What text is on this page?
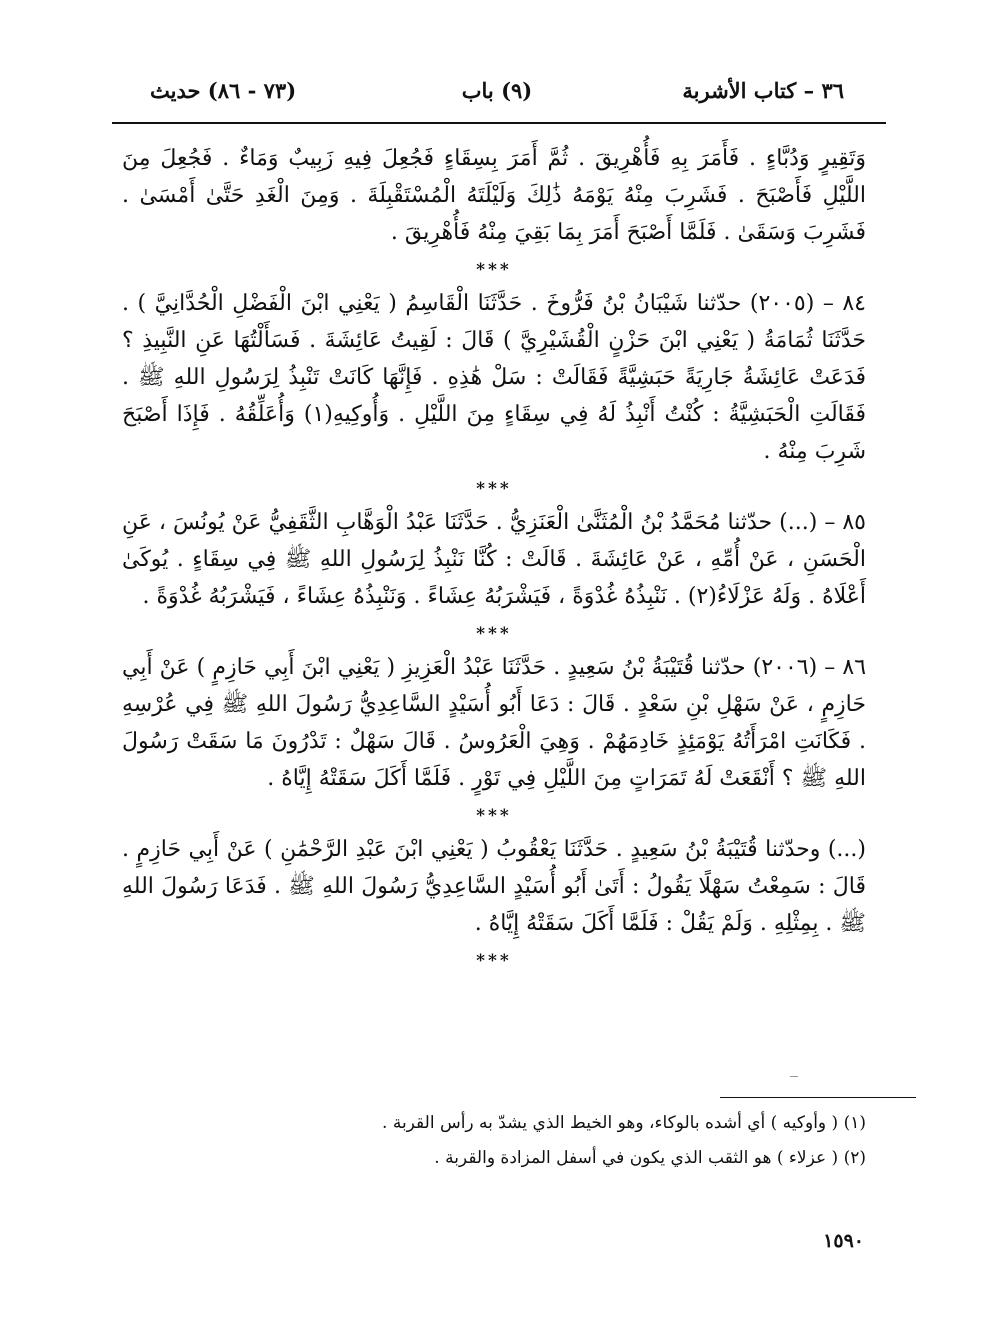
٣٦ – كتاب الأشربة
(٩) باب
(٧٣ - ٨٦) حديث

وَتَقِيرٍ وَدُبَّاءٍ . فَأَمَرَ بِهِ فَأُهْرِيقَ . ثُمَّ أَمَرَ بِسِقَاءٍ فَجُعِلَ فِيهِ زَبِيبٌ وَمَاءٌ . فَجُعِلَ مِنَ اللَّيْلِ فَأَصْبَحَ . فَشَرِبَ مِنْهُ يَوْمَهُ ذَٰلِكَ وَلَيْلَتَهُ الْمُسْتَقْبِلَةَ . وَمِنَ الْغَدِ حَتَّىٰ أَمْسَىٰ . فَشَرِبَ وَسَقَىٰ . فَلَمَّا أَصْبَحَ أَمَرَ بِمَا بَقِيَ مِنْهُ فَأُهْرِيقَ .

***

٨٤ – (٢٠٠٥) حدّثنا شَيْبَانُ بْنُ فَرُّوخَ . حَدَّثَنَا الْقَاسِمُ ( يَعْنِي ابْنَ الْفَضْلِ الْحُدَّانِيَّ ) . حَدَّثَنَا ثُمَامَةُ ( يَعْنِي ابْنَ حَزْنٍ الْقُشَيْرِيَّ ) قَالَ : لَقِيتُ عَائِشَةَ . فَسَأَلْتُهَا عَنِ النَّبِيذِ ؟ فَدَعَتْ عَائِشَةُ جَارِيَةً حَبَشِيَّةً فَقَالَتْ : سَلْ هَٰذِهِ . فَإِنَّهَا كَانَتْ تَنْبِذُ لِرَسُولِ اللهِ ﷺ . فَقَالَتِ الْحَبَشِيَّةُ : كُنْتُ أَنْبِذُ لَهُ فِي سِقَاءٍ مِنَ اللَّيْلِ . وَأُوكِيهِ(١) وَأُعَلِّقُهُ . فَإِذَا أَصْبَحَ شَرِبَ مِنْهُ .

***

٨٥ – (...) حدّثنا مُحَمَّدُ بْنُ الْمُثَنَّىٰ الْعَنَزِيُّ . حَدَّثَنَا عَبْدُ الْوَهَّابِ الثَّقَفِيُّ عَنْ يُونُسَ ، عَنِ الْحَسَنِ ، عَنْ أُمِّهِ ، عَنْ عَائِشَةَ . قَالَتْ : كُنَّا نَنْبِذُ لِرَسُولِ اللهِ ﷺ فِي سِقَاءٍ . يُوكَىٰ أَعْلَاهُ . وَلَهُ عَزْلَاءُ(٢) . نَنْبِذُهُ غُدْوَةً ، فَيَشْرَبُهُ عِشَاءً . وَنَنْبِذُهُ عِشَاءً ، فَيَشْرَبُهُ غُدْوَةً .

***

٨٦ – (٢٠٠٦) حدّثنا قُتَيْبَةُ بْنُ سَعِيدٍ . حَدَّثَنَا عَبْدُ الْعَزِيزِ ( يَعْنِي ابْنَ أَبِي حَازِمٍ ) عَنْ أَبِي حَازِمٍ ، عَنْ سَهْلِ بْنِ سَعْدٍ . قَالَ : دَعَا أَبُو أُسَيْدٍ السَّاعِدِيُّ رَسُولَ اللهِ ﷺ فِي عُرْسِهِ . فَكَانَتِ امْرَأَتُهُ يَوْمَئِذٍ خَادِمَهُمْ . وَهِيَ الْعَرُوسُ . قَالَ سَهْلٌ : تَدْرُونَ مَا سَقَتْ رَسُولَ اللهِ ﷺ ؟ أَنْقَعَتْ لَهُ تَمَرَاتٍ مِنَ اللَّيْلِ فِي تَوْرٍ . فَلَمَّا أَكَلَ سَقَتْهُ إِيَّاهُ .

***

(...) وحدّثنا قُتَيْبَةُ بْنُ سَعِيدٍ . حَدَّثَنَا يَعْقُوبُ ( يَعْنِي ابْنَ عَبْدِ الرَّحْمَٰنِ ) عَنْ أَبِي حَازِمٍ . قَالَ : سَمِعْتُ سَهْلًا يَقُولُ : أَتَىٰ أَبُو أُسَيْدٍ السَّاعِدِيُّ رَسُولَ اللهِ ﷺ . فَدَعَا رَسُولَ اللهِ ﷺ . بِمِثْلِهِ . وَلَمْ يَقُلْ : فَلَمَّا أَكَلَ سَقَتْهُ إِيَّاهُ .

***

(١) ( وأوكيه ) أي أشده بالوكاء، وهو الخيط الذي يشدّ به رأس القربة .

(٢) ( عزلاء ) هو الثقب الذي يكون في أسفل المزادة والقربة .

١٥٩٠
